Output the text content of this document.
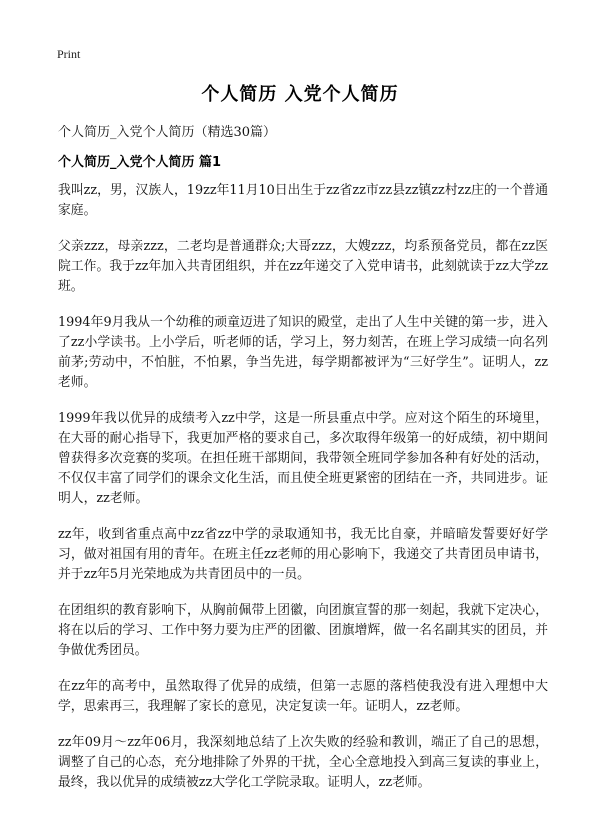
Print
个人简历 入党个人简历
个人简历_入党个人简历（精选30篇）
个人简历_入党个人简历 篇1

我叫zz，男，汉族人，19zz年11月10日出生于zz省zz市zz县zz镇zz村zz庄的一个普通家庭。

父亲zzz，母亲zzz，二老均是普通群众;大哥zzz，大嫂zzz，均系预备党员，都在zz医院工作。我于zz年加入共青团组织，并在zz年递交了入党申请书，此刻就读于zz大学zz班。

1994年9月我从一个幼稚的顽童迈进了知识的殿堂，走出了人生中关键的第一步，进入了zz小学读书。上小学后，听老师的话，学习上，努力刻苦，在班上学习成绩一向名列前茅;劳动中，不怕脏，不怕累，争当先进，每学期都被评为“三好学生”。证明人，zz老师。

1999年我以优异的成绩考入zz中学，这是一所县重点中学。应对这个陌生的环境里，在大哥的耐心指导下，我更加严格的要求自己，多次取得年级第一的好成绩，初中期间曾获得多次竞赛的奖项。在担任班干部期间，我带领全班同学参加各种有好处的活动，不仅仅丰富了同学们的课余文化生活，而且使全班更紧密的团结在一齐，共同进步。证明人，zz老师。

zz年，收到省重点高中zz省zz中学的录取通知书，我无比自豪，并暗暗发誓要好好学习，做对祖国有用的青年。在班主任zz老师的用心影响下，我递交了共青团员申请书，并于zz年5月光荣地成为共青团员中的一员。

在团组织的教育影响下，从胸前佩带上团徽，向团旗宣誓的那一刻起，我就下定决心，将在以后的学习、工作中努力要为庄严的团徽、团旗增辉，做一名名副其实的团员，并争做优秀团员。

在zz年的高考中，虽然取得了优异的成绩，但第一志愿的落档使我没有进入理想中大学，思索再三，我理解了家长的意见，决定复读一年。证明人，zz老师。

zz年09月～zz年06月，我深刻地总结了上次失败的经验和教训，端正了自己的思想，调整了自己的心态，充分地排除了外界的干扰，全心全意地投入到高三复读的事业上，最终，我以优异的成绩被zz大学化工学院录取。证明人，zz老师。
